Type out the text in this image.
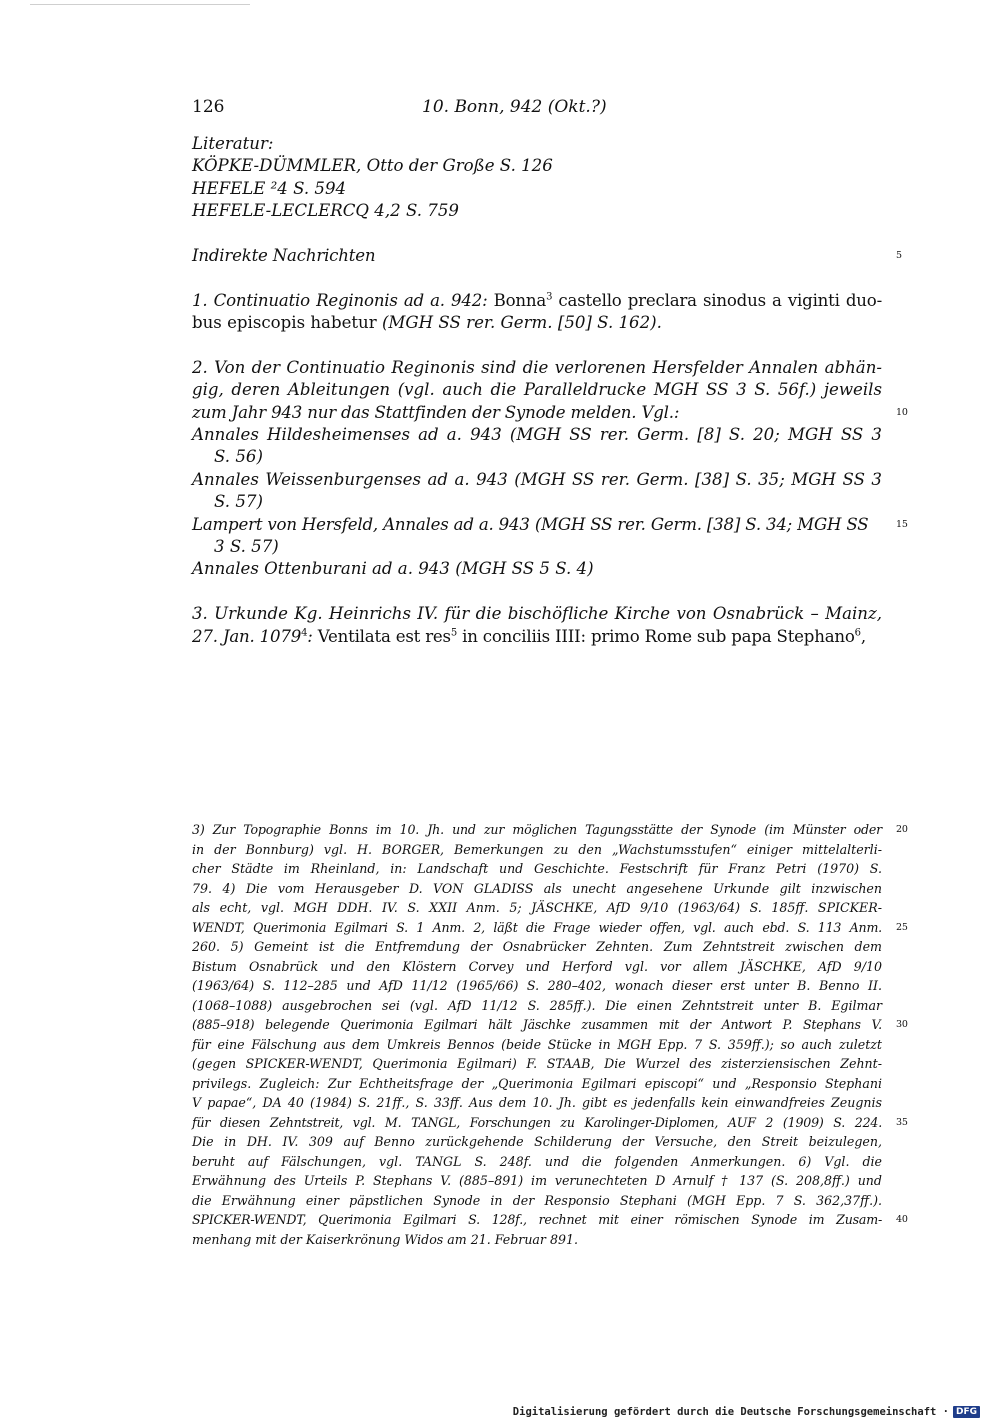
126	10. Bonn, 942 (Okt.?)
Literatur:
KÖPKE-DÜMMLER, Otto der Große S. 126
HEFELE ²4 S. 594
HEFELE-LECLERCQ 4,2 S. 759
Indirekte Nachrichten	5
1. Continuatio Reginonis ad a. 942: Bonna$^3$ castello preclara sinodus a viginti duo-
bus episcopis habetur (MGH SS rer. Germ. [50] S. 162).
2. Von der Continuatio Reginonis sind die verlorenen Hersfelder Annalen abhän-
gig, deren Ableitungen (vgl. auch die Paralleldrucke MGH SS 3 S. 56f.) jeweils
zum Jahr 943 nur das Stattfinden der Synode melden. Vgl.:	10
Annales Hildesheimenses ad a. 943 (MGH SS rer. Germ. [8] S. 20; MGH SS 3
S. 56)
Annales Weissenburgenses ad a. 943 (MGH SS rer. Germ. [38] S. 35; MGH SS 3
S. 57)
Lampert von Hersfeld, Annales ad a. 943 (MGH SS rer. Germ. [38] S. 34; MGH SS	15
3 S. 57)
Annales Ottenburani ad a. 943 (MGH SS 5 S. 4)
3. Urkunde Kg. Heinrichs IV. für die bischöfliche Kirche von Osnabrück – Mainz,
27. Jan. 1079$^4$: Ventilata est res$^5$ in conciliis IIII: primo Rome sub papa Stephano$^6$,
3) Zur Topographie Bonns im 10. Jh. und zur möglichen Tagungsstätte der Synode (im Münster oder 20
in der Bonnburg) vgl. H. BORGER, Bemerkungen zu den „Wachstumsstufen“ einiger mittelalterli-
cher Städte im Rheinland, in: Landschaft und Geschichte. Festschrift für Franz Petri (1970) S.
79. 4) Die vom Herausgeber D. VON GLADISS als unecht angesehene Urkunde gilt inzwischen
als echt, vgl. MGH DDH. IV. S. XXII Anm. 5; JÄSCHKE, AfD 9/10 (1963/64) S. 185ff. SPICKER-
WENDT, Querimonia Egilmari S. 1 Anm. 2, läßt die Frage wieder offen, vgl. auch ebd. S. 113 Anm. 25
260. 5) Gemeint ist die Entfremdung der Osnabrücker Zehnten. Zum Zehntstreit zwischen dem
Bistum Osnabrück und den Klöstern Corvey und Herford vgl. vor allem JÄSCHKE, AfD 9/10
(1963/64) S. 112–285 und AfD 11/12 (1965/66) S. 280–402, wonach dieser erst unter B. Benno II.
(1068–1088) ausgebrochen sei (vgl. AfD 11/12 S. 285ff.). Die einen Zehntstreit unter B. Egilmar
(885–918) belegende Querimonia Egilmari hält Jäschke zusammen mit der Antwort P. Stephans V. 30
für eine Fälschung aus dem Umkreis Bennos (beide Stücke in MGH Epp. 7 S. 359ff.); so auch zuletzt
(gegen SPICKER-WENDT, Querimonia Egilmari) F. STAAB, Die Wurzel des zisterziensischen Zehnt-
privilegs. Zugleich: Zur Echtheitsfrage der „Querimonia Egilmari episcopi“ und „Responsio Stephani
V papae“, DA 40 (1984) S. 21ff., S. 33ff. Aus dem 10. Jh. gibt es jedenfalls kein einwandfreies Zeugnis
für diesen Zehntstreit, vgl. M. TANGL, Forschungen zu Karolinger-Diplomen, AUF 2 (1909) S. 224. 35
Die in DH. IV. 309 auf Benno zurückgehende Schilderung der Versuche, den Streit beizulegen,
beruht auf Fälschungen, vgl. TANGL S. 248f. und die folgenden Anmerkungen. 6) Vgl. die
Erwähnung des Urteils P. Stephans V. (885–891) im verunechteten D Arnulf † 137 (S. 208,8ff.) und
die Erwähnung einer päpstlichen Synode in der Responsio Stephani (MGH Epp. 7 S. 362,37ff.).
SPICKER-WENDT, Querimonia Egilmari S. 128f., rechnet mit einer römischen Synode im Zusam- 40
menhang mit der Kaiserkrönung Widos am 21. Februar 891.
Digitalisierung gefördert durch die Deutsche Forschungsgemeinschaft · DFG
